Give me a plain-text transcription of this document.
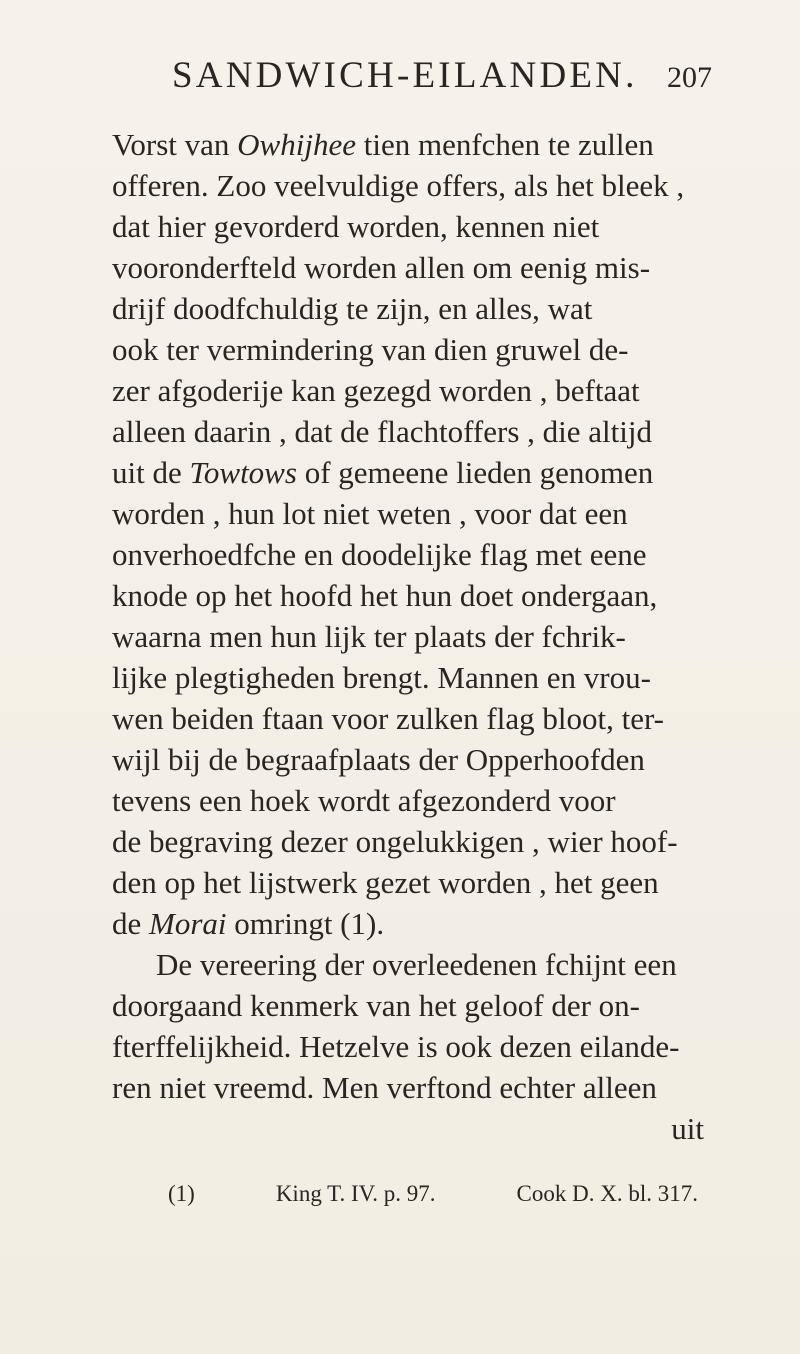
SANDWICH-EILANDEN. 207
Vorst van
Owhijhee
tien menfchen te zullen
offeren. Zoo veelvuldige offers, als het bleek ,
dat hier gevorderd worden, kennen niet
vooronderfteld worden allen om eenig mis-
drijf doodfchuldig te zijn, en alles, wat
ook ter vermindering van dien gruwel de-
zer afgoderije kan gezegd worden , beftaat
alleen daarin , dat de flachtoffers , die altijd
uit de
Towtows
of gemeene lieden genomen
worden , hun lot niet weten , voor dat een
onverhoedfche en doodelijke flag met eene
knode op het hoofd het hun doet ondergaan,
waarna men hun lijk ter plaats der fchrik-
lijke plegtigheden brengt. Mannen en vrou-
wen beiden ftaan voor zulken flag bloot, ter-
wijl bij de begraafplaats der Opperhoofden
tevens een hoek wordt afgezonderd voor
de begraving dezer ongelukkigen , wier hoof-
den op het lijstwerk gezet worden , het geen
de
Morai
omringt (1).
De vereering der overleedenen fchijnt een
doorgaand kenmerk van het geloof der on-
fterffelijkheid. Hetzelve is ook dezen eilande-
ren niet vreemd. Men verftond echter alleen
uit
(1)	King T. IV. p. 97.	Cook D. X. bl. 317.
